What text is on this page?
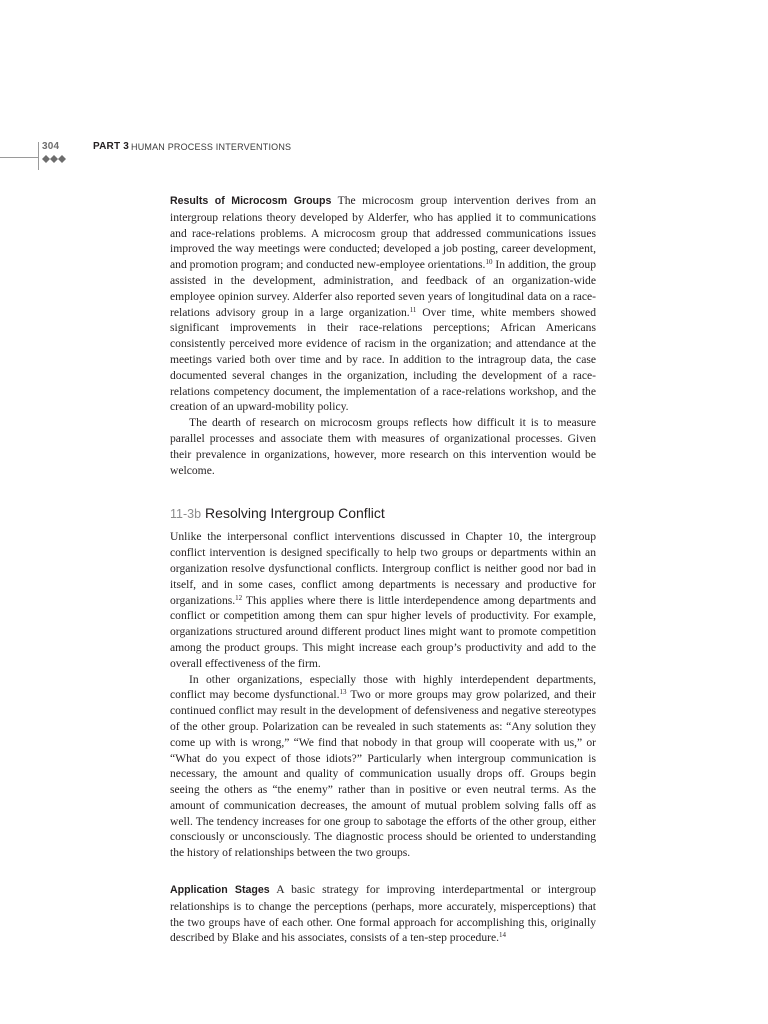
304	PART 3 HUMAN PROCESS INTERVENTIONS

Results of Microcosm Groups The microcosm group intervention derives from an intergroup relations theory developed by Alderfer, who has applied it to communications and race-relations problems. A microcosm group that addressed communications issues improved the way meetings were conducted; developed a job posting, career development, and promotion program; and conducted new-employee orientations.$^{10}$ In addition, the group assisted in the development, administration, and feedback of an organization-wide employee opinion survey. Alderfer also reported seven years of longitudinal data on a race-relations advisory group in a large organization.$^{11}$ Over time, white members showed significant improvements in their race-relations perceptions; African Americans consistently perceived more evidence of racism in the organization; and attendance at the meetings varied both over time and by race. In addition to the intragroup data, the case documented several changes in the organization, including the development of a race-relations competency document, the implementation of a race-relations workshop, and the creation of an upward-mobility policy.

The dearth of research on microcosm groups reflects how difficult it is to measure parallel processes and associate them with measures of organizational processes. Given their prevalence in organizations, however, more research on this intervention would be welcome.

11-3b Resolving Intergroup Conflict

Unlike the interpersonal conflict interventions discussed in Chapter 10, the intergroup conflict intervention is designed specifically to help two groups or departments within an organization resolve dysfunctional conflicts. Intergroup conflict is neither good nor bad in itself, and in some cases, conflict among departments is necessary and productive for organizations.$^{12}$ This applies where there is little interdependence among departments and conflict or competition among them can spur higher levels of productivity. For example, organizations structured around different product lines might want to promote competition among the product groups. This might increase each group’s productivity and add to the overall effectiveness of the firm.

In other organizations, especially those with highly interdependent departments, conflict may become dysfunctional.$^{13}$ Two or more groups may grow polarized, and their continued conflict may result in the development of defensiveness and negative stereotypes of the other group. Polarization can be revealed in such statements as: “Any solution they come up with is wrong,” “We find that nobody in that group will cooperate with us,” or “What do you expect of those idiots?” Particularly when intergroup communication is necessary, the amount and quality of communication usually drops off. Groups begin seeing the others as “the enemy” rather than in positive or even neutral terms. As the amount of communication decreases, the amount of mutual problem solving falls off as well. The tendency increases for one group to sabotage the efforts of the other group, either consciously or unconsciously. The diagnostic process should be oriented to understanding the history of relationships between the two groups.

Application Stages A basic strategy for improving interdepartmental or intergroup relationships is to change the perceptions (perhaps, more accurately, misperceptions) that the two groups have of each other. One formal approach for accomplishing this, originally described by Blake and his associates, consists of a ten-step procedure.$^{14}$
